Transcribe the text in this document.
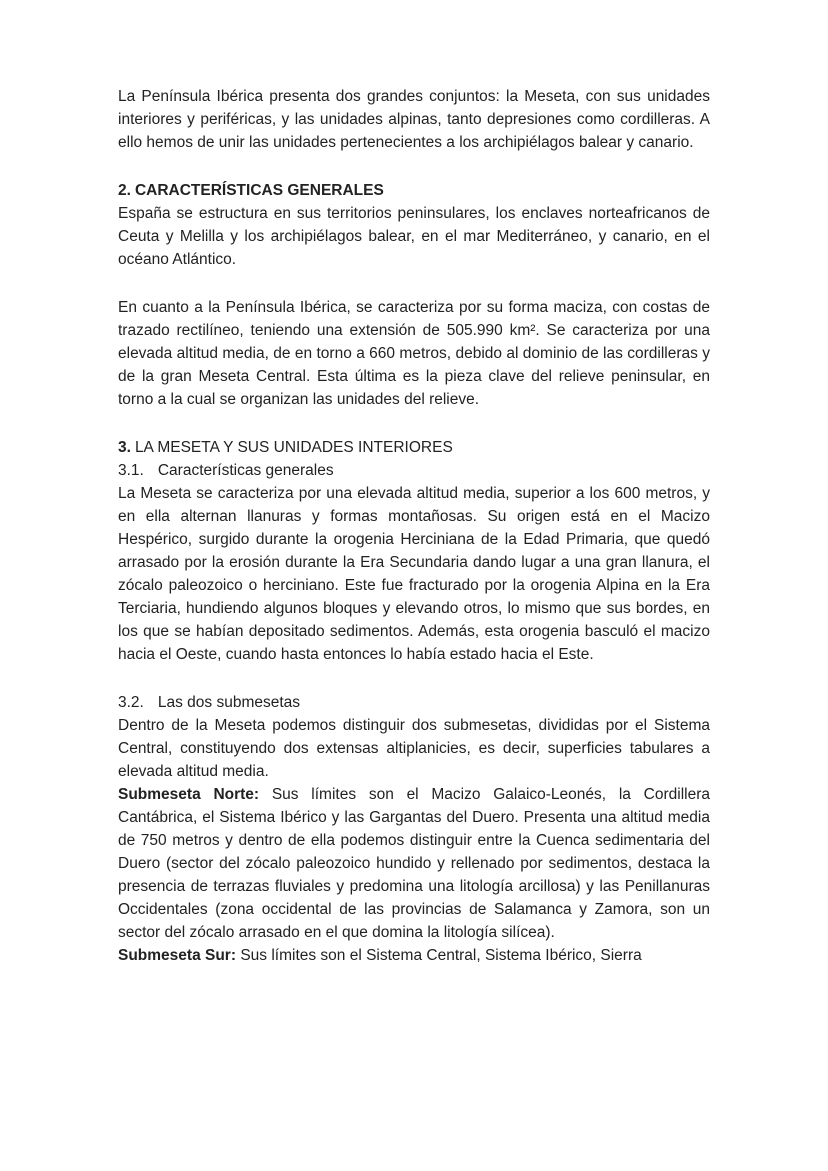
La Península Ibérica presenta dos grandes conjuntos: la Meseta, con sus unidades interiores y periféricas, y las unidades alpinas, tanto depresiones como cordilleras. A ello hemos de unir las unidades pertenecientes a los archipiélagos balear y canario.

2. CARACTERÍSTICAS GENERALES

España se estructura en sus territorios peninsulares, los enclaves norteafricanos de Ceuta y Melilla y los archipiélagos balear, en el mar Mediterráneo, y canario, en el océano Atlántico.

En cuanto a la Península Ibérica, se caracteriza por su forma maciza, con costas de trazado rectilíneo, teniendo una extensión de 505.990 km². Se caracteriza por una elevada altitud media, de en torno a 660 metros, debido al dominio de las cordilleras y de la gran Meseta Central. Esta última es la pieza clave del relieve peninsular, en torno a la cual se organizan las unidades del relieve.

3. LA MESETA Y SUS UNIDADES INTERIORES
3.1. Características generales

La Meseta se caracteriza por una elevada altitud media, superior a los 600 metros, y en ella alternan llanuras y formas montañosas. Su origen está en el Macizo Hespérico, surgido durante la orogenia Herciniana de la Edad Primaria, que quedó arrasado por la erosión durante la Era Secundaria dando lugar a una gran llanura, el zócalo paleozoico o herciniano. Este fue fracturado por la orogenia Alpina en la Era Terciaria, hundiendo algunos bloques y elevando otros, lo mismo que sus bordes, en los que se habían depositado sedimentos. Además, esta orogenia basculó el macizo hacia el Oeste, cuando hasta entonces lo había estado hacia el Este.

3.2. Las dos submesetas

Dentro de la Meseta podemos distinguir dos submesetas, divididas por el Sistema Central, constituyendo dos extensas altiplanicies, es decir, superficies tabulares a elevada altitud media.

Submeseta Norte: Sus límites son el Macizo Galaico-Leonés, la Cordillera Cantábrica, el Sistema Ibérico y las Gargantas del Duero. Presenta una altitud media de 750 metros y dentro de ella podemos distinguir entre la Cuenca sedimentaria del Duero (sector del zócalo paleozoico hundido y rellenado por sedimentos, destaca la presencia de terrazas fluviales y predomina una litología arcillosa) y las Penillanuras Occidentales (zona occidental de las provincias de Salamanca y Zamora, son un sector del zócalo arrasado en el que domina la litología silícea).

Submeseta Sur: Sus límites son el Sistema Central, Sistema Ibérico, Sierra
